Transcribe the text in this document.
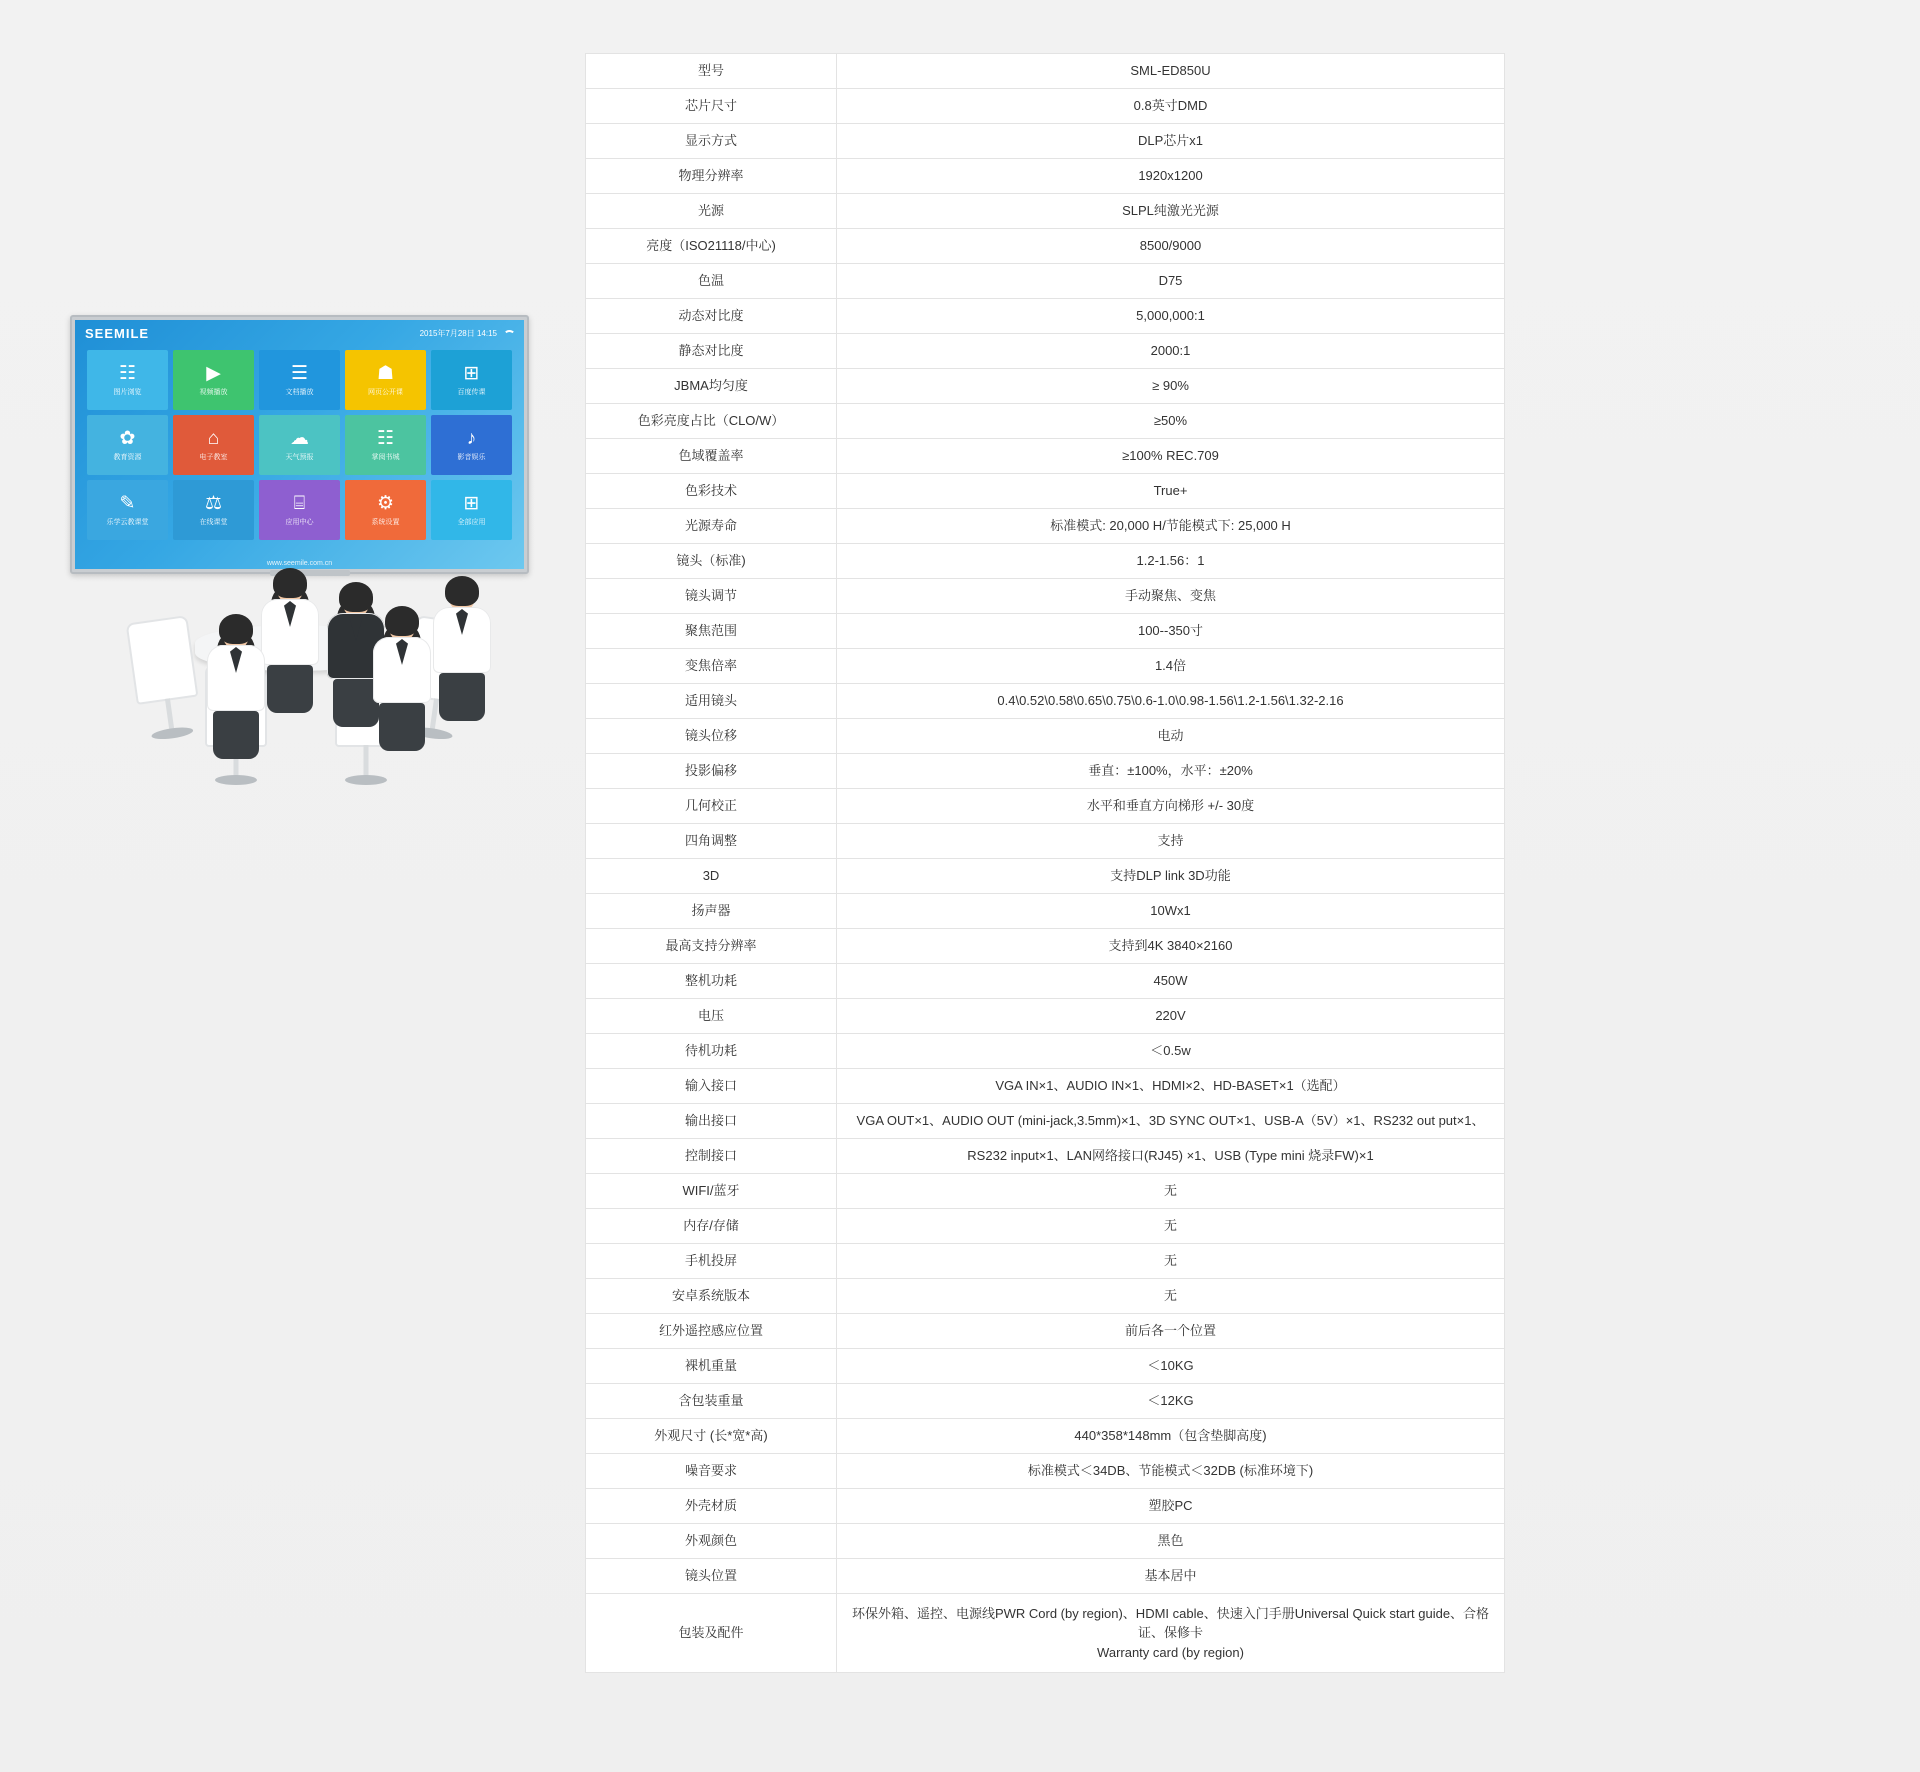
SEEMILE	2015年7月28日 14:15
☷
图片浏览
▶
视频播放
☰
文档播放
☗
网页公开课
⊞
百度传课
✿
教育资源
⌂
电子教室
☁
天气预报
☷
掌阅书城
♪
影音娱乐
✎
乐学云教课堂
⚖
在线课堂
⌸
应用中心
⚙
系统设置
⊞
全部应用
www.seemile.com.cn
型号	SML-ED850U
芯片尺寸	0.8英寸DMD
显示方式	DLP芯片x1
物理分辨率	1920x1200
光源	SLPL纯激光光源
亮度（ISO21118/中心)	8500/9000
色温	D75
动态对比度	5,000,000:1
静态对比度	2000:1
JBMA均匀度	≥ 90%
色彩亮度占比（CLO/W）	≥50%
色域覆盖率	≥100% REC.709
色彩技术	True+
光源寿命	标准模式: 20,000 H/节能模式下: 25,000 H
镜头（标准)	1.2-1.56：1
镜头调节	手动聚焦、变焦
聚焦范围	100--350寸
变焦倍率	1.4倍
适用镜头	0.4\0.52\0.58\0.65\0.75\0.6-1.0\0.98-1.56\1.2-1.56\1.32-2.16
镜头位移	电动
投影偏移	垂直：±100%，水平：±20%
几何校正	水平和垂直方向梯形 +/- 30度
四角调整	支持
3D	支持DLP link 3D功能
扬声器	10Wx1
最高支持分辨率	支持到4K 3840×2160
整机功耗	450W
电压	220V
待机功耗	＜0.5w
输入接口	VGA IN×1、AUDIO IN×1、HDMI×2、HD-BASET×1（选配）
输出接口	VGA OUT×1、AUDIO OUT (mini-jack,3.5mm)×1、3D SYNC OUT×1、USB-A（5V）×1、RS232 out put×1、
控制接口	RS232 input×1、LAN网络接口(RJ45) ×1、USB (Type mini 烧录FW)×1
WIFI/蓝牙	无
内存/存储	无
手机投屏	无
安卓系统版本	无
红外遥控感应位置	前后各一个位置
裸机重量	＜10KG
含包装重量	＜12KG
外观尺寸 (长*宽*高)	440*358*148mm（包含垫脚高度)
噪音要求	标准模式＜34DB、节能模式＜32DB (标准环境下)
外壳材质	塑胶PC
外观颜色	黑色
镜头位置	基本居中
包装及配件	环保外箱、遥控、电源线PWR Cord (by region)、HDMI cable、快速入门手册Universal Quick start guide、合格证、保修卡
Warranty card (by region)
